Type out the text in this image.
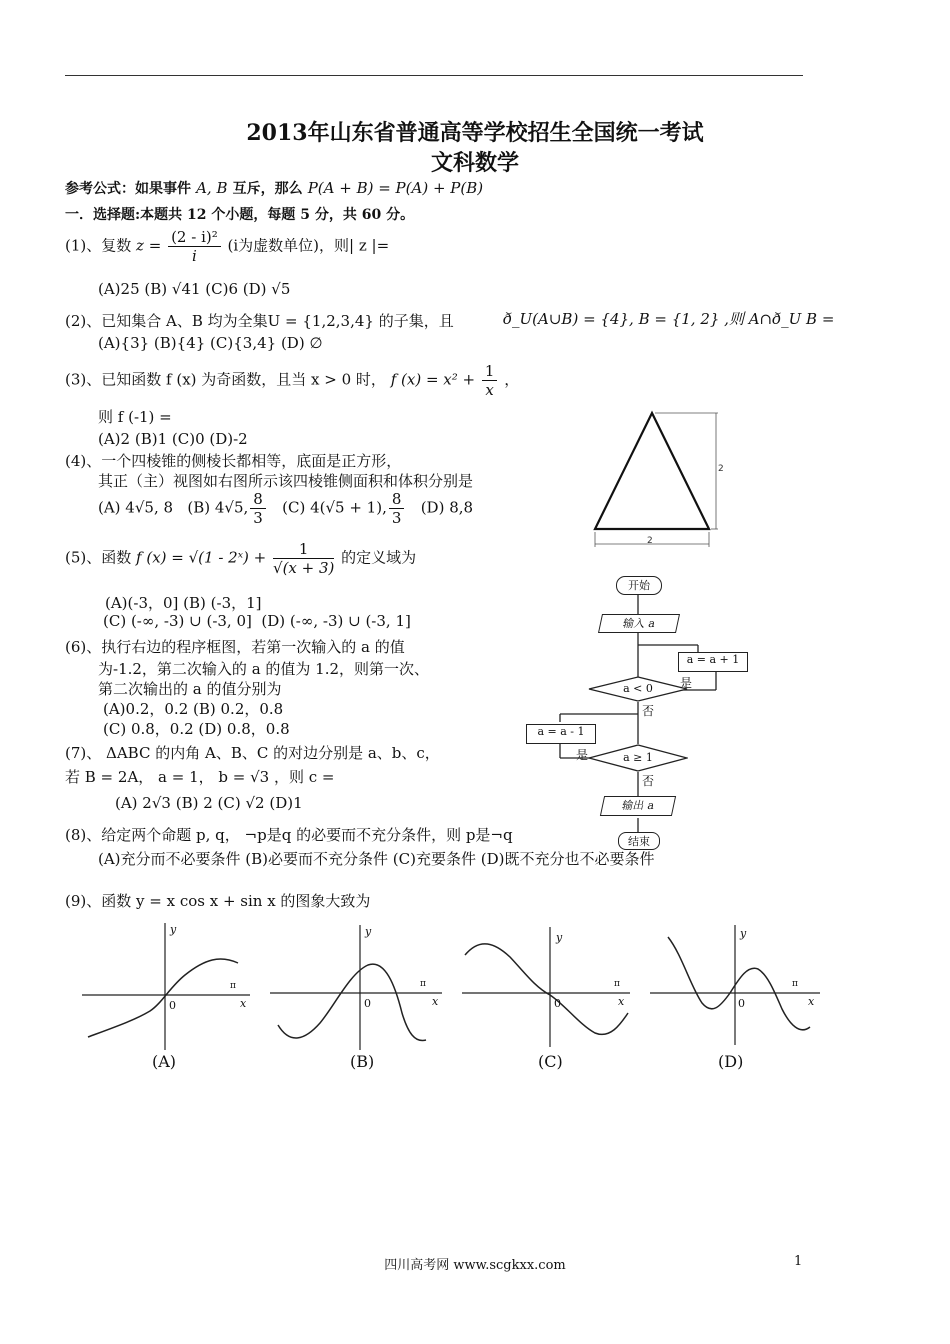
2013年山东省普通高等学校招生全国统一考试
文科数学
参考公式：如果事件 A, B 互斥，那么 P(A + B) = P(A) + P(B)
一．选择题:本题共 12 个小题，每题 5 分，共 60 分。
(1)、复数 $z = \frac{\text{(2 - i)²}}{i} (i$为虚数单位)，则| z |=
(A)25 (B) √41 (C)6 (D) √5
(2)、已知集合 A、B 均为全集U = {1,2,3,4} 的子集，且	ð_U(A∪B) = {4}, B = {1, 2} ,则 A∩ð_U B =
(A){3} (B){4} (C){3,4} (D) ∅
(3)、已知函数 f (x) 为奇函数，且当 x > 0 时， f $(x) = x^2 + \frac{1}{x}$ ，
则 f (-1) =
(A)2 (B)1 (C)0 (D)-2
(4)、一个四棱锥的侧棱长都相等，底面是正方形，
其正（主）视图如右图所示该四棱锥侧面积和体积分别是
(A) 4√5, 8 (B) 4√5, $\frac{8}{3} (C) 4(√5 + 1)$, $\frac{8}{3} (D)$ 8,8
2
2
(5)、函数 f (x) = √(1 - 2ˣ) + $\frac{1}{√(x + 3)}$ 的定义域为
(A)(-3，0] (B) (-3，1]
(C) (-∞, -3) ∪ (-3, 0] (D) (-∞, -3) ∪ (-3, 1]
(6)、执行右边的程序框图，若第一次输入的 a 的值
为-1.2，第二次输入的 a 的值为 1.2，则第一次、
第二次输出的 a 的值分别为
(A)0.2，0.2 (B) 0.2，0.8
(C) 0.8，0.2 (D) 0.8，0.8
开始
输入 a
a = a + 1
a < 0	是
否
a = a - 1
a ≥ 1
是
否
输出 a
结束
(7)、 ΔABC 的内角 A、B、C 的对边分别是 a、b、c，
若 B = 2A， a = 1， b = √3 ，则 c =
(A) 2√3 (B) 2 (C) √2 (D)1
(8)、给定两个命题 p, q， ¬p是q 的必要而不充分条件，则 p是¬q
(A)充分而不必要条件 (B)必要而不充分条件 (C)充要条件 (D)既不充分也不必要条件
(9)、函数 y = x cos x + sin x 的图象大致为
y
x
0
π
(A)
y
x
0
π
(B)
y
x
0
π
(C)
y
x
0
π
(D)
四川高考网 www.scgkxx.com	1
